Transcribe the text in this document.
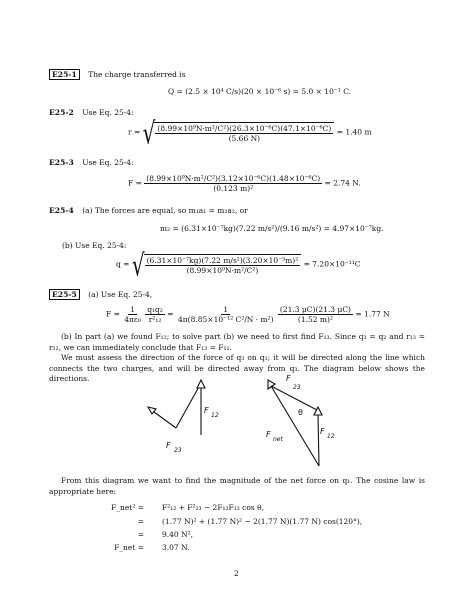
E25-1 The charge transferred is
Q = (2.5 × 10⁴ C/s)(20 × 10⁻⁶ s) = 5.0 × 10⁻¹ C.
E25-2 Use Eq. 25-4:
r = √ $\frac{\text{(8.99×10⁹N·m²/C²)(26.3×10⁻⁶C)(47.1×10⁻⁶C)}}{(5.66 N)} = 1.40$ m
E25-3 Use Eq. 25-4:
$F = \frac{\text{(8.99×10⁹N·m²/C²)(3.12×10⁻⁶C)(1.48×10⁻⁶C)}}{\text{(0.123 m)²}} = 2.74$ N.
E25-4 (a) The forces are equal, so m₁a₁ = m₂a₂, or
m₂ = (6.31×10⁻⁷kg)(7.22 m/s²)/(9.16 m/s²) = 4.97×10⁻⁷kg.
(b) Use Eq. 25-4:
q = √ $\frac{\text{(6.31×10⁻⁷kg)(7.22 m/s²)(3.20×10⁻³m)²}}{\text{(8.99×10⁹N·m²/C²)}} = 7.20\times 10^{-11}C$
E25-5 (a) Use Eq. 25-4,
$F = \frac{1}{\text{4πε₀}}$
$\frac{\text{q₁q₂}}{\text{r²₁₂}} = \frac{1}{\text{4π(8.85×10⁻¹² C²/N · m²)}}$
$\frac{(21.3 \mu C)(21.3 \mu C)}{\text{(1.52 m)²}} = 1.77$ N
(b) In part (a) we found F₁₂; to solve part (b) we need to first find F₁₃. Since q₃ = q₂ and r₁₃ = r₁₂, we can immediately conclude that F₁₃ = F₁₂.
We must assess the direction of the force of q₃ on q₁; it will be directed along the line which connects the two charges, and will be directed away from q₃. The diagram below shows the directions.
F
23
F
12
F
23
θ
F
net
F
12
From this diagram we want to find the magnitude of the net force on q₁. The cosine law is appropriate here:
F_net² = F²₁₂ + F²₂₃ − 2F₁₂F₁₃ cos θ,
= (1.77 N)² + (1.77 N)² − 2(1.77 N)(1.77 N) cos(120°),
= 9.40 N²,
F_net = 3.07 N.
2
